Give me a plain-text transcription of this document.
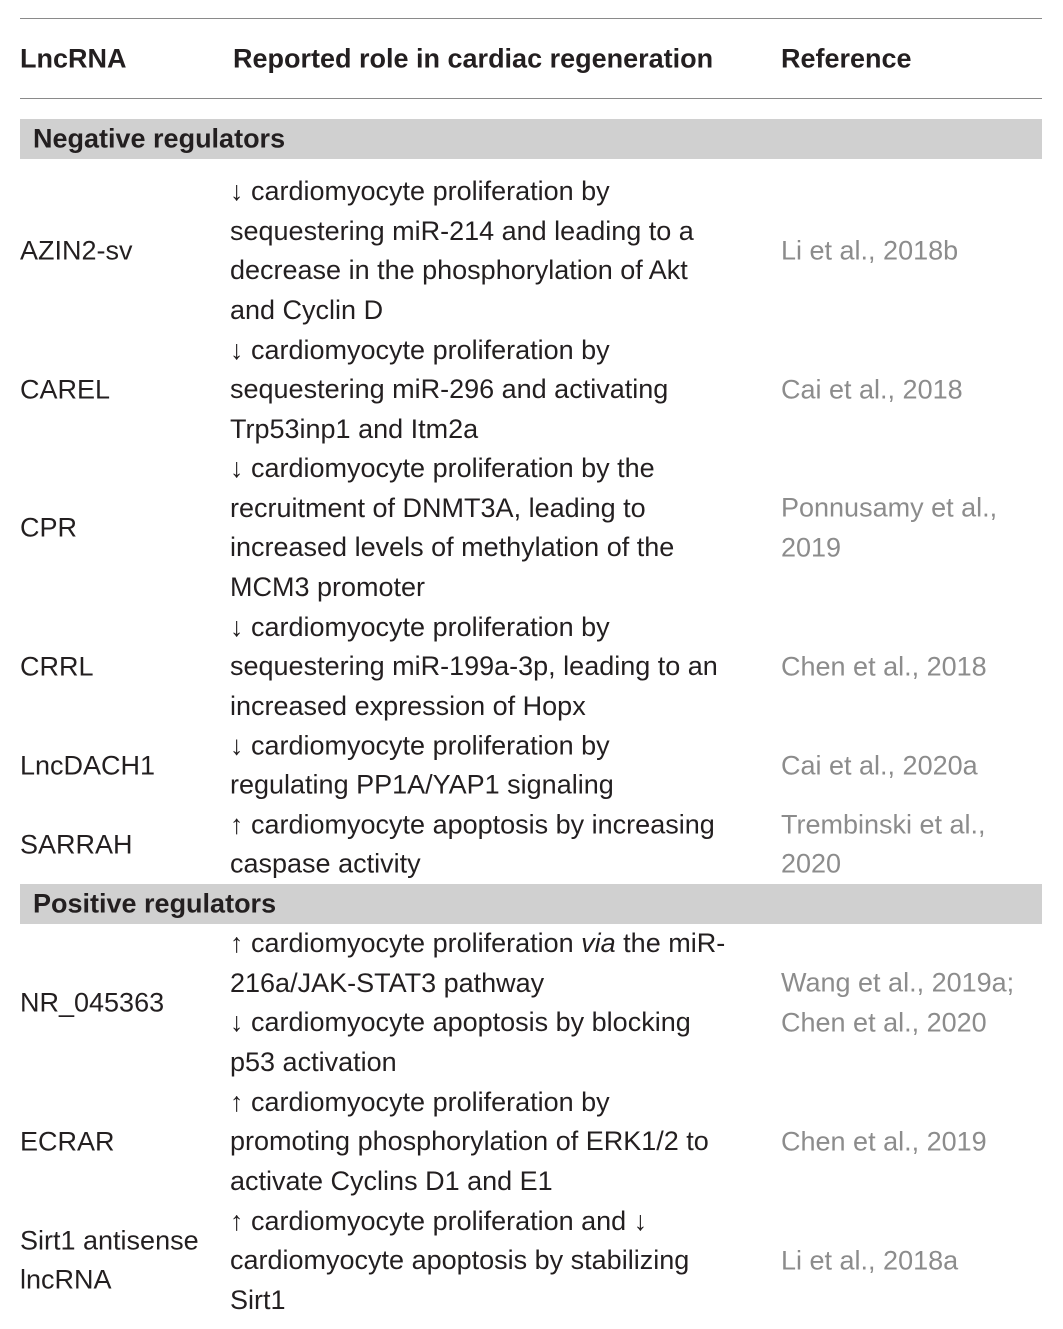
LncRNA	Reported role in cardiac regeneration	Reference
Negative regulators
AZIN2-sv
↓ cardiomyocyte proliferation by
sequestering miR-214 and leading to a
decrease in the phosphorylation of Akt
and Cyclin D
Li et al., 2018b
CAREL
↓ cardiomyocyte proliferation by
sequestering miR-296 and activating
Trp53inp1 and Itm2a
Cai et al., 2018
CPR
↓ cardiomyocyte proliferation by the
recruitment of DNMT3A, leading to
increased levels of methylation of the
MCM3 promoter
Ponnusamy et al.,
2019
CRRL
↓ cardiomyocyte proliferation by
sequestering miR-199a-3p, leading to an
increased expression of Hopx
Chen et al., 2018
LncDACH1
↓ cardiomyocyte proliferation by
regulating PP1A/YAP1 signaling
Cai et al., 2020a
SARRAH
↑ cardiomyocyte apoptosis by increasing
caspase activity
Trembinski et al.,
2020
Positive regulators
NR_045363
↑ cardiomyocyte proliferation via the miR-
216a/JAK-STAT3 pathway
↓ cardiomyocyte apoptosis by blocking
p53 activation
Wang et al., 2019a;
Chen et al., 2020
ECRAR
↑ cardiomyocyte proliferation by
promoting phosphorylation of ERK1/2 to
activate Cyclins D1 and E1
Chen et al., 2019
Sirt1 antisense
lncRNA
↑ cardiomyocyte proliferation and ↓
cardiomyocyte apoptosis by stabilizing
Sirt1
Li et al., 2018a
